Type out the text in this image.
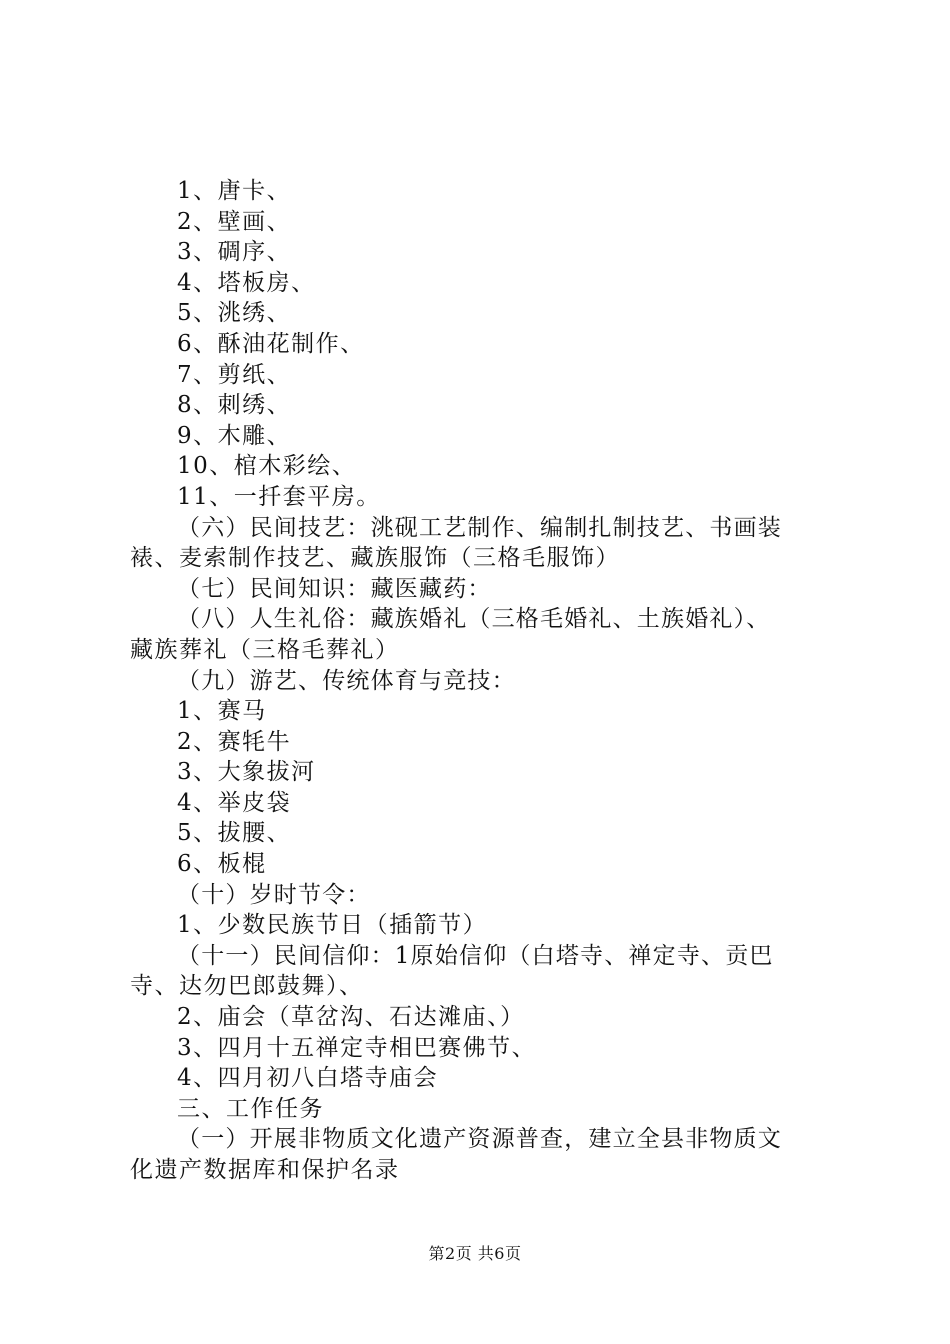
1、唐卡、
2、壁画、
3、碉序、
4、塔板房、
5、洮绣、
6、酥油花制作、
7、剪纸、
8、刺绣、
9、木雕、
10、棺木彩绘、
11、一扦套平房。
（六）民间技艺：洮砚工艺制作、编制扎制技艺、书画装
裱、麦索制作技艺、藏族服饰（三格毛服饰）
（七）民间知识：藏医藏药：
（八）人生礼俗：藏族婚礼（三格毛婚礼、土族婚礼）、
藏族葬礼（三格毛葬礼）
（九）游艺、传统体育与竞技：
1、赛马
2、赛牦牛
3、大象拔河
4、举皮袋
5、拔腰、
6、板棍
（十）岁时节令：
1、少数民族节日（插箭节）
（十一）民间信仰：1原始信仰（白塔寺、禅定寺、贡巴
寺、达勿巴郎鼓舞）、
2、庙会（草岔沟、石达滩庙、）
3、四月十五禅定寺相巴赛佛节、
4、四月初八白塔寺庙会
三、工作任务
（一）开展非物质文化遗产资源普查，建立全县非物质文
化遗产数据库和保护名录
第2页 共6页
